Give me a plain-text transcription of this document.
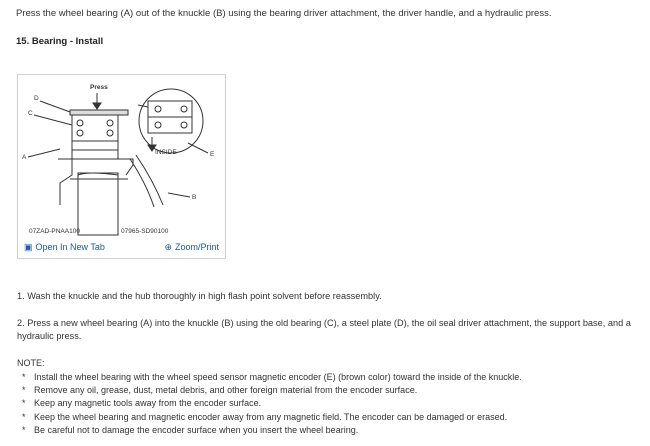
Press the wheel bearing (A) out of the knuckle (B) using the bearing driver attachment, the driver handle, and a hydraulic press.
15. Bearing - Install
Press
D
C
A	E
B
INSIDE
07ZAD-PNAA100	07965-SD90100
▣ Open In New Tab	⊕ Zoom/Print
1. Wash the knuckle and the hub thoroughly in high flash point solvent before reassembly.
2. Press a new wheel bearing (A) into the knuckle (B) using the old bearing (C), a steel plate (D), the oil seal driver attachment, the support base, and a
hydraulic press.
NOTE:
* Install the wheel bearing with the wheel speed sensor magnetic encoder (E) (brown color) toward the inside of the knuckle.
* Remove any oil, grease, dust, metal debris, and other foreign material from the encoder surface.
* Keep any magnetic tools away from the encoder surface.
* Keep the wheel bearing and magnetic encoder away from any magnetic field. The encoder can be damaged or erased.
* Be careful not to damage the encoder surface when you insert the wheel bearing.
